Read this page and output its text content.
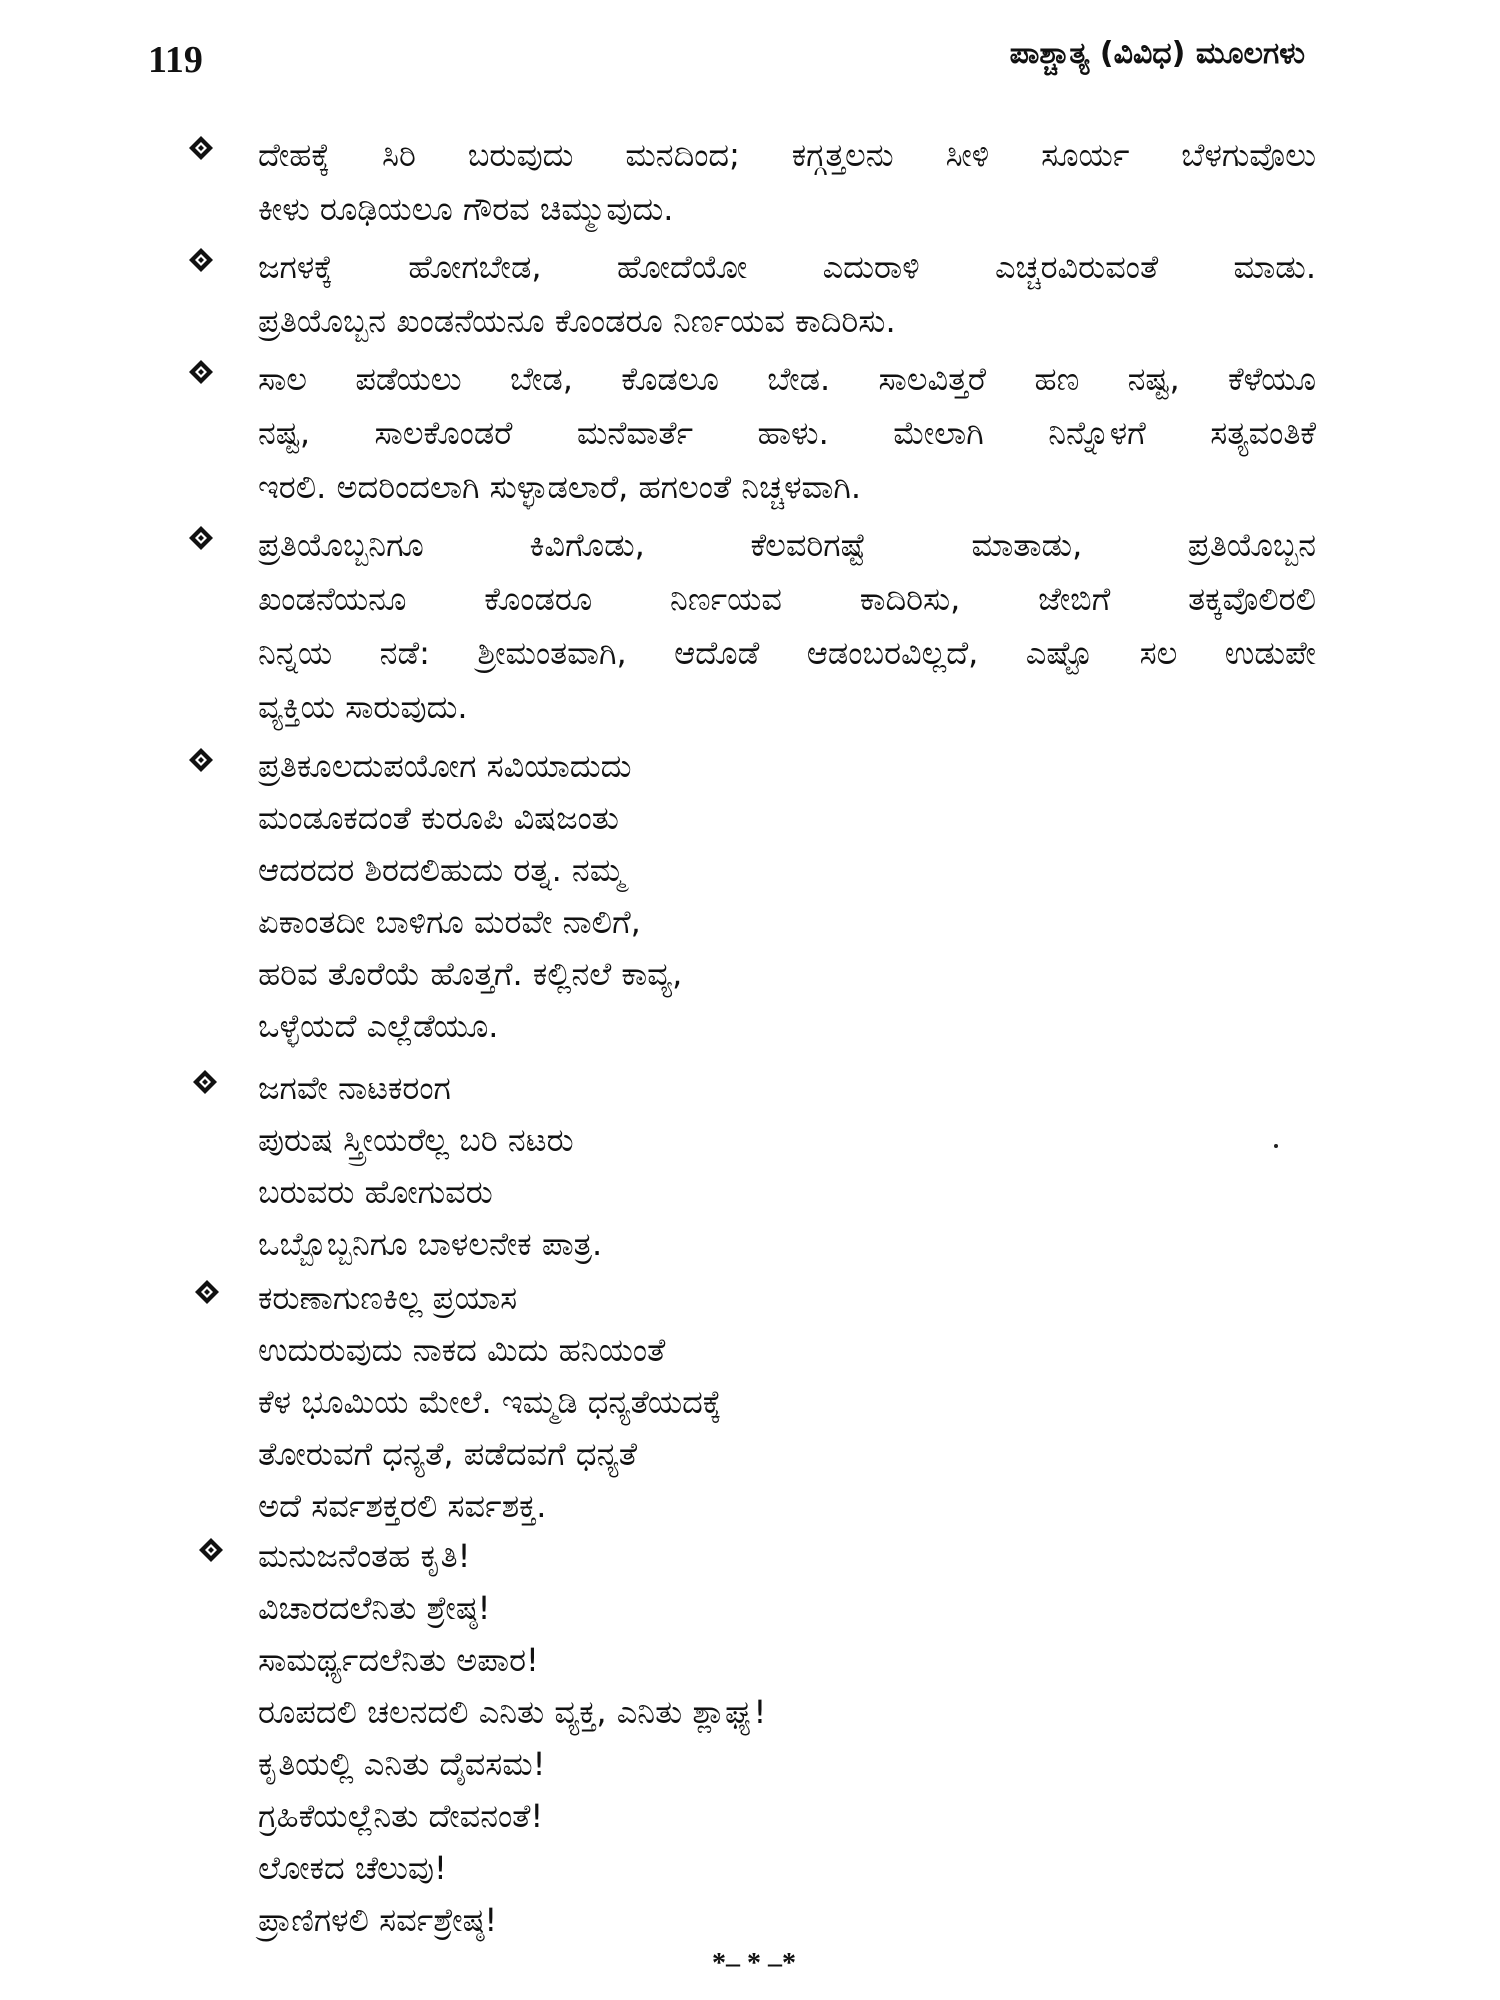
119	ಪಾಶ್ಚಾತ್ಯ (ವಿವಿಧ) ಮೂಲಗಳು
ದೇಹಕ್ಕೆ ಸಿರಿ ಬರುವುದು ಮನದಿಂದ; ಕಗ್ಗತ್ತಲನು ಸೀಳಿ ಸೂರ್ಯ ಬೆಳಗುವೊಲು
ಕೀಳು ರೂಢಿಯಲೂ ಗೌರವ ಚಿಮ್ಮುವುದು.
ಜಗಳಕ್ಕೆ ಹೋಗಬೇಡ, ಹೋದೆಯೋ ಎದುರಾಳಿ ಎಚ್ಚರವಿರುವಂತೆ ಮಾಡು.
ಪ್ರತಿಯೊಬ್ಬನ ಖಂಡನೆಯನೂ ಕೊಂಡರೂ ನಿರ್ಣಯವ ಕಾದಿರಿಸು.
ಸಾಲ ಪಡೆಯಲು ಬೇಡ, ಕೊಡಲೂ ಬೇಡ. ಸಾಲವಿತ್ತರೆ ಹಣ ನಷ್ಟ, ಕೆಳೆಯೂ
ನಷ್ಟ, ಸಾಲಕೊಂಡರೆ ಮನೆವಾರ್ತೆ ಹಾಳು. ಮೇಲಾಗಿ ನಿನ್ನೊಳಗೆ ಸತ್ಯವಂತಿಕೆ
ಇರಲಿ. ಅದರಿಂದಲಾಗಿ ಸುಳ್ಳಾಡಲಾರೆ, ಹಗಲಂತೆ ನಿಚ್ಚಳವಾಗಿ.
ಪ್ರತಿಯೊಬ್ಬನಿಗೂ ಕಿವಿಗೊಡು, ಕೆಲವರಿಗಷ್ಟೆ ಮಾತಾಡು, ಪ್ರತಿಯೊಬ್ಬನ
ಖಂಡನೆಯನೂ ಕೊಂಡರೂ ನಿರ್ಣಯವ ಕಾದಿರಿಸು, ಜೇಬಿಗೆ ತಕ್ಕವೊಲಿರಲಿ
ನಿನ್ನಯ ನಡೆ: ಶ್ರೀಮಂತವಾಗಿ, ಆದೊಡೆ ಆಡಂಬರವಿಲ್ಲದೆ, ಎಷ್ಟೊ ಸಲ ಉಡುಪೇ
ವ್ಯಕ್ತಿಯ ಸಾರುವುದು.
ಪ್ರತಿಕೂಲದುಪಯೋಗ ಸವಿಯಾದುದು
ಮಂಡೂಕದಂತೆ ಕುರೂಪಿ ವಿಷಜಂತು
ಆದರದರ ಶಿರದಲಿಹುದು ರತ್ನ. ನಮ್ಮ
ಏಕಾಂತದೀ ಬಾಳಿಗೂ ಮರವೇ ನಾಲಿಗೆ,
ಹರಿವ ತೊರೆಯೆ ಹೊತ್ತಗೆ. ಕಲ್ಲಿನಲೆ ಕಾವ್ಯ,
ಒಳ್ಳೆಯದೆ ಎಲ್ಲೆಡೆಯೂ.
ಜಗವೇ ನಾಟಕರಂಗ
ಪುರುಷ ಸ್ತ್ರೀಯರೆಲ್ಲ ಬರಿ ನಟರು
ಬರುವರು ಹೋಗುವರು
ಒಬ್ಬೊಬ್ಬನಿಗೂ ಬಾಳಲನೇಕ ಪಾತ್ರ.
ಕರುಣಾಗುಣಕಿಲ್ಲ ಪ್ರಯಾಸ
ಉದುರುವುದು ನಾಕದ ಮಿದು ಹನಿಯಂತೆ
ಕೆಳ ಭೂಮಿಯ ಮೇಲೆ. ಇಮ್ಮಡಿ ಧನ್ಯತೆಯದಕ್ಕೆ
ತೋರುವಗೆ ಧನ್ಯತೆ, ಪಡೆದವಗೆ ಧನ್ಯತೆ
ಅದೆ ಸರ್ವಶಕ್ತರಲಿ ಸರ್ವಶಕ್ತ.
ಮನುಜನೆಂತಹ ಕೃತಿ!
ವಿಚಾರದಲೆನಿತು ಶ್ರೇಷ್ಠ!
ಸಾಮರ್ಥ್ಯದಲೆನಿತು ಅಪಾರ!
ರೂಪದಲಿ ಚಲನದಲಿ ಎನಿತು ವ್ಯಕ್ತ, ಎನಿತು ಶ್ಲಾಘ್ಯ!
ಕೃತಿಯಲ್ಲಿ ಎನಿತು ದೈವಸಮ!
ಗ್ರಹಿಕೆಯಲ್ಲೆನಿತು ದೇವನಂತೆ!
ಲೋಕದ ಚೆಲುವು!
ಪ್ರಾಣಿಗಳಲಿ ಸರ್ವಶ್ರೇಷ್ಠ!
*– * –*
